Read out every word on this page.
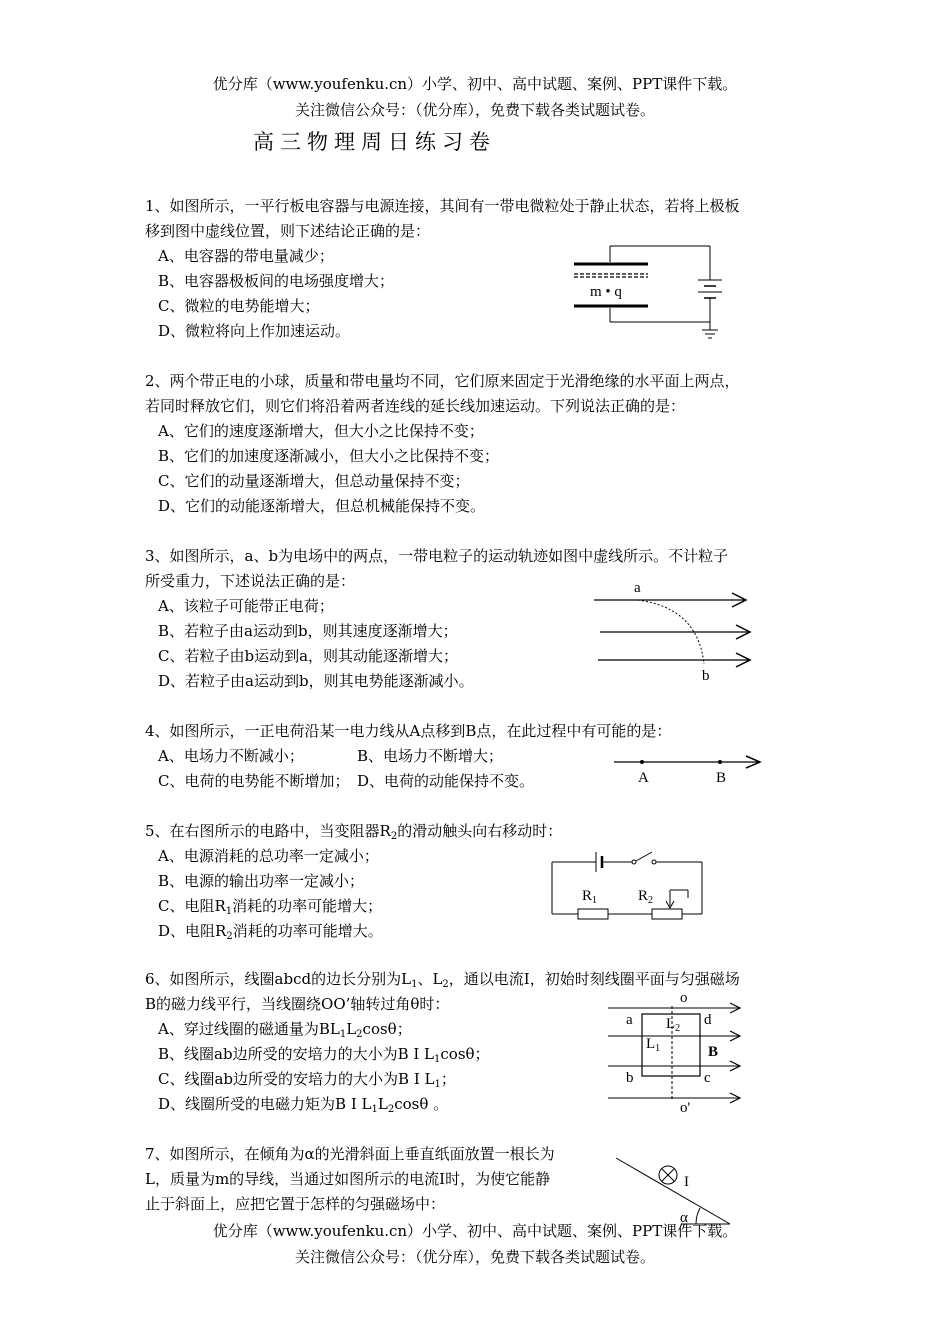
优分库（www.youfenku.cn）小学、初中、高中试题、案例、PPT课件下载。
关注微信公众号：（优分库），免费下载各类试题试卷。
高三物理周日练习卷
1、如图所示，一平行板电容器与电源连接，其间有一带电微粒处于静止状态，若将上极板
移到图中虚线位置，则下述结论正确的是：
A、电容器的带电量减少；
B、电容器极板间的电场强度增大；
C、微粒的电势能增大；
D、微粒将向上作加速运动。
m • q
2、两个带正电的小球，质量和带电量均不同，它们原来固定于光滑绝缘的水平面上两点，
若同时释放它们，则它们将沿着两者连线的延长线加速运动。下列说法正确的是：
A、它们的速度逐渐增大，但大小之比保持不变；
B、它们的加速度逐渐减小，但大小之比保持不变；
C、它们的动量逐渐增大，但总动量保持不变；
D、它们的动能逐渐增大，但总机械能保持不变。
3、如图所示，a、b为电场中的两点，一带电粒子的运动轨迹如图中虚线所示。不计粒子
所受重力，下述说法正确的是：
A、该粒子可能带正电荷；
B、若粒子由a运动到b，则其速度逐渐增大；
C、若粒子由b运动到a，则其动能逐渐增大；
D、若粒子由a运动到b，则其电势能逐渐减小。
a
b
4、如图所示，一正电荷沿某一电力线从A点移到B点，在此过程中有可能的是：
A、电场力不断减小；	B、电场力不断增大；
C、电荷的电势能不断增加； D、电荷的动能保持不变。	A	B
5、在右图所示的电路中，当变阻器$R_2$的滑动触头向右移动时：
A、电源消耗的总功率一定减小；
B、电源的输出功率一定减小；
C、电阻$R_1$消耗的功率可能增大；
D、电阻$R_2$消耗的功率可能增大。
$R_1$	$R_2$
6、如图所示，线圈abcd的边长分别为$L_1$、$L_2$，通以电流I，初始时刻线圈平面与匀强磁场
B的磁力线平行，当线圈绕OO’轴转过角θ时：
A、穿过线圈的磁通量为$BL_1L_2\cos\theta$；
B、线圈ab边所受的安培力的大小为B I $L_1\cos\theta$；
C、线圈ab边所受的安培力的大小为B I $L_1$；
D、线圈所受的电磁力矩为B I $L_1L_2\cos\theta$ 。
o
a	d
b	c
$L_2$
$L_1$	B
o'
7、如图所示，在倾角为α的光滑斜面上垂直纸面放置一根长为
L，质量为m的导线，当通过如图所示的电流I时，为使它能静
止于斜面上，应把它置于怎样的匀强磁场中：
I
α
优分库（www.youfenku.cn）小学、初中、高中试题、案例、PPT课件下载。
关注微信公众号：（优分库），免费下载各类试题试卷。
